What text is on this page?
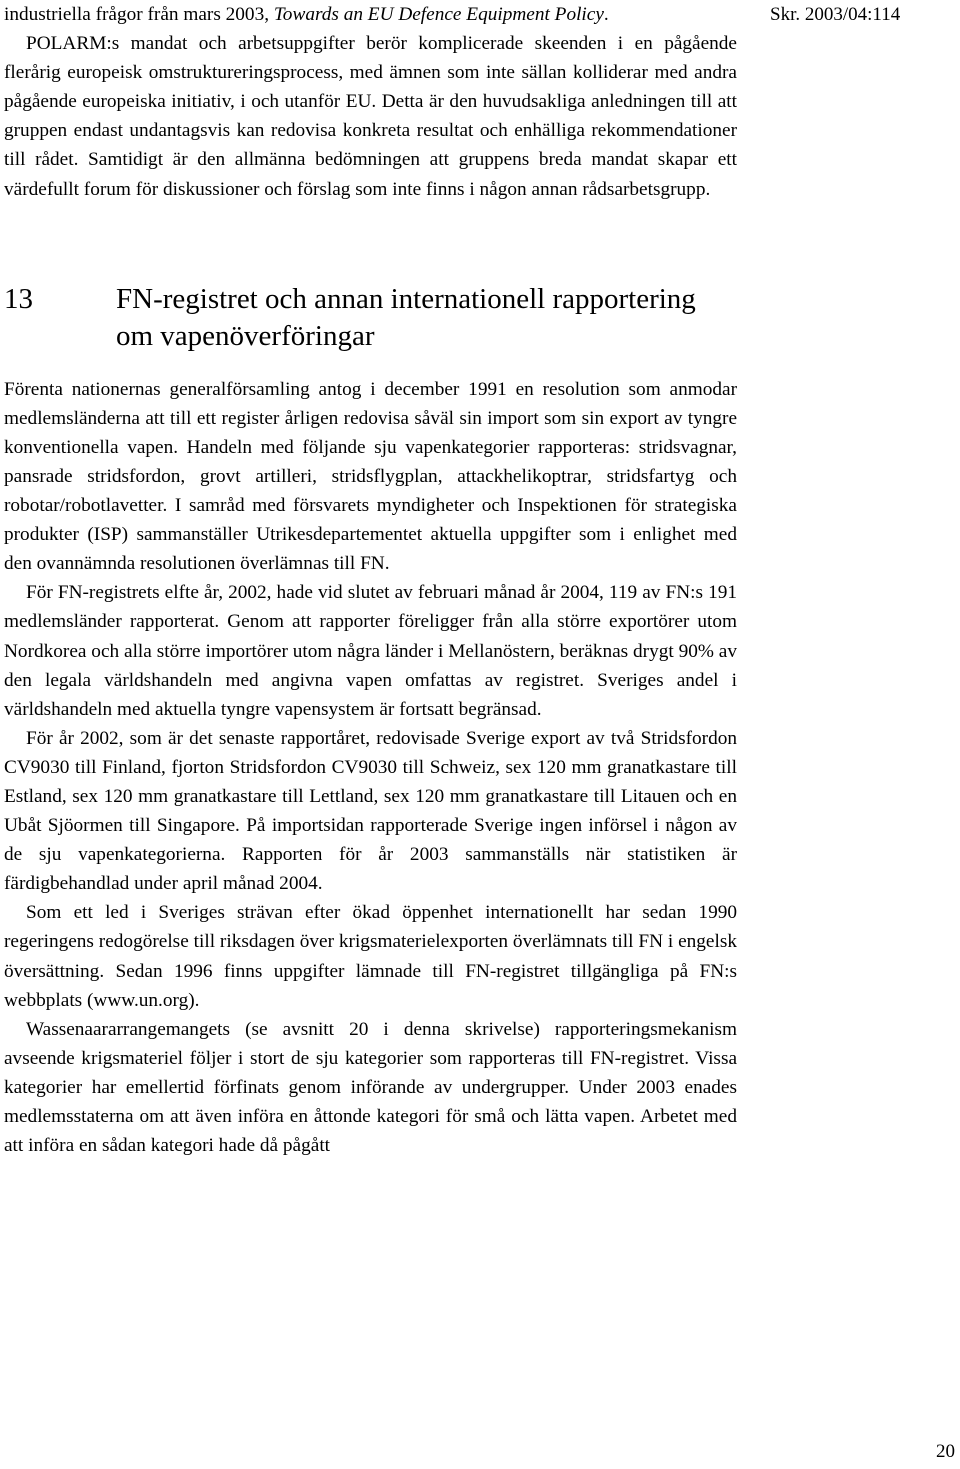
Skr. 2003/04:114

industriella frågor från mars 2003, Towards an EU Defence Equipment Policy.

POLARM:s mandat och arbetsuppgifter berör komplicerade skeenden i en pågående flerårig europeisk omstruktureringsprocess, med ämnen som inte sällan kolliderar med andra pågående europeiska initiativ, i och utanför EU. Detta är den huvudsakliga anledningen till att gruppen endast undantagsvis kan redovisa konkreta resultat och enhälliga rekommendationer till rådet. Samtidigt är den allmänna bedömningen att gruppens breda mandat skapar ett värdefullt forum för diskussioner och förslag som inte finns i någon annan rådsarbetsgrupp.

13	FN-registret och annan internationell rapportering om vapenöverföringar

Förenta nationernas generalförsamling antog i december 1991 en resolution som anmodar medlemsländerna att till ett register årligen redovisa såväl sin import som sin export av tyngre konventionella vapen. Handeln med följande sju vapenkategorier rapporteras: stridsvagnar, pansrade stridsfordon, grovt artilleri, stridsflygplan, attackhelikoptrar, stridsfartyg och robotar/robotlavetter. I samråd med försvarets myndigheter och Inspektionen för strategiska produkter (ISP) sammanställer Utrikesdepartementet aktuella uppgifter som i enlighet med den ovannämnda resolutionen överlämnas till FN.

För FN-registrets elfte år, 2002, hade vid slutet av februari månad år 2004, 119 av FN:s 191 medlemsländer rapporterat. Genom att rapporter föreligger från alla större exportörer utom Nordkorea och alla större importörer utom några länder i Mellanöstern, beräknas drygt 90% av den legala världshandeln med angivna vapen omfattas av registret. Sveriges andel i världshandeln med aktuella tyngre vapensystem är fortsatt begränsad.

För år 2002, som är det senaste rapportåret, redovisade Sverige export av två Stridsfordon CV9030 till Finland, fjorton Stridsfordon CV9030 till Schweiz, sex 120 mm granatkastare till Estland, sex 120 mm granatkastare till Lettland, sex 120 mm granatkastare till Litauen och en Ubåt Sjöormen till Singapore. På importsidan rapporterade Sverige ingen införsel i någon av de sju vapenkategorierna. Rapporten för år 2003 sammanställs när statistiken är färdigbehandlad under april månad 2004.

Som ett led i Sveriges strävan efter ökad öppenhet internationellt har sedan 1990 regeringens redogörelse till riksdagen över krigsmaterielexporten överlämnats till FN i engelsk översättning. Sedan 1996 finns uppgifter lämnade till FN-registret tillgängliga på FN:s webbplats (www.un.org).

Wassenaararrangemangets (se avsnitt 20 i denna skrivelse) rapporteringsmekanism avseende krigsmateriel följer i stort de sju kategorier som rapporteras till FN-registret. Vissa kategorier har emellertid förfinats genom införande av undergrupper. Under 2003 enades medlemsstaterna om att även införa en åttonde kategori för små och lätta vapen. Arbetet med att införa en sådan kategori hade då pågått

20
